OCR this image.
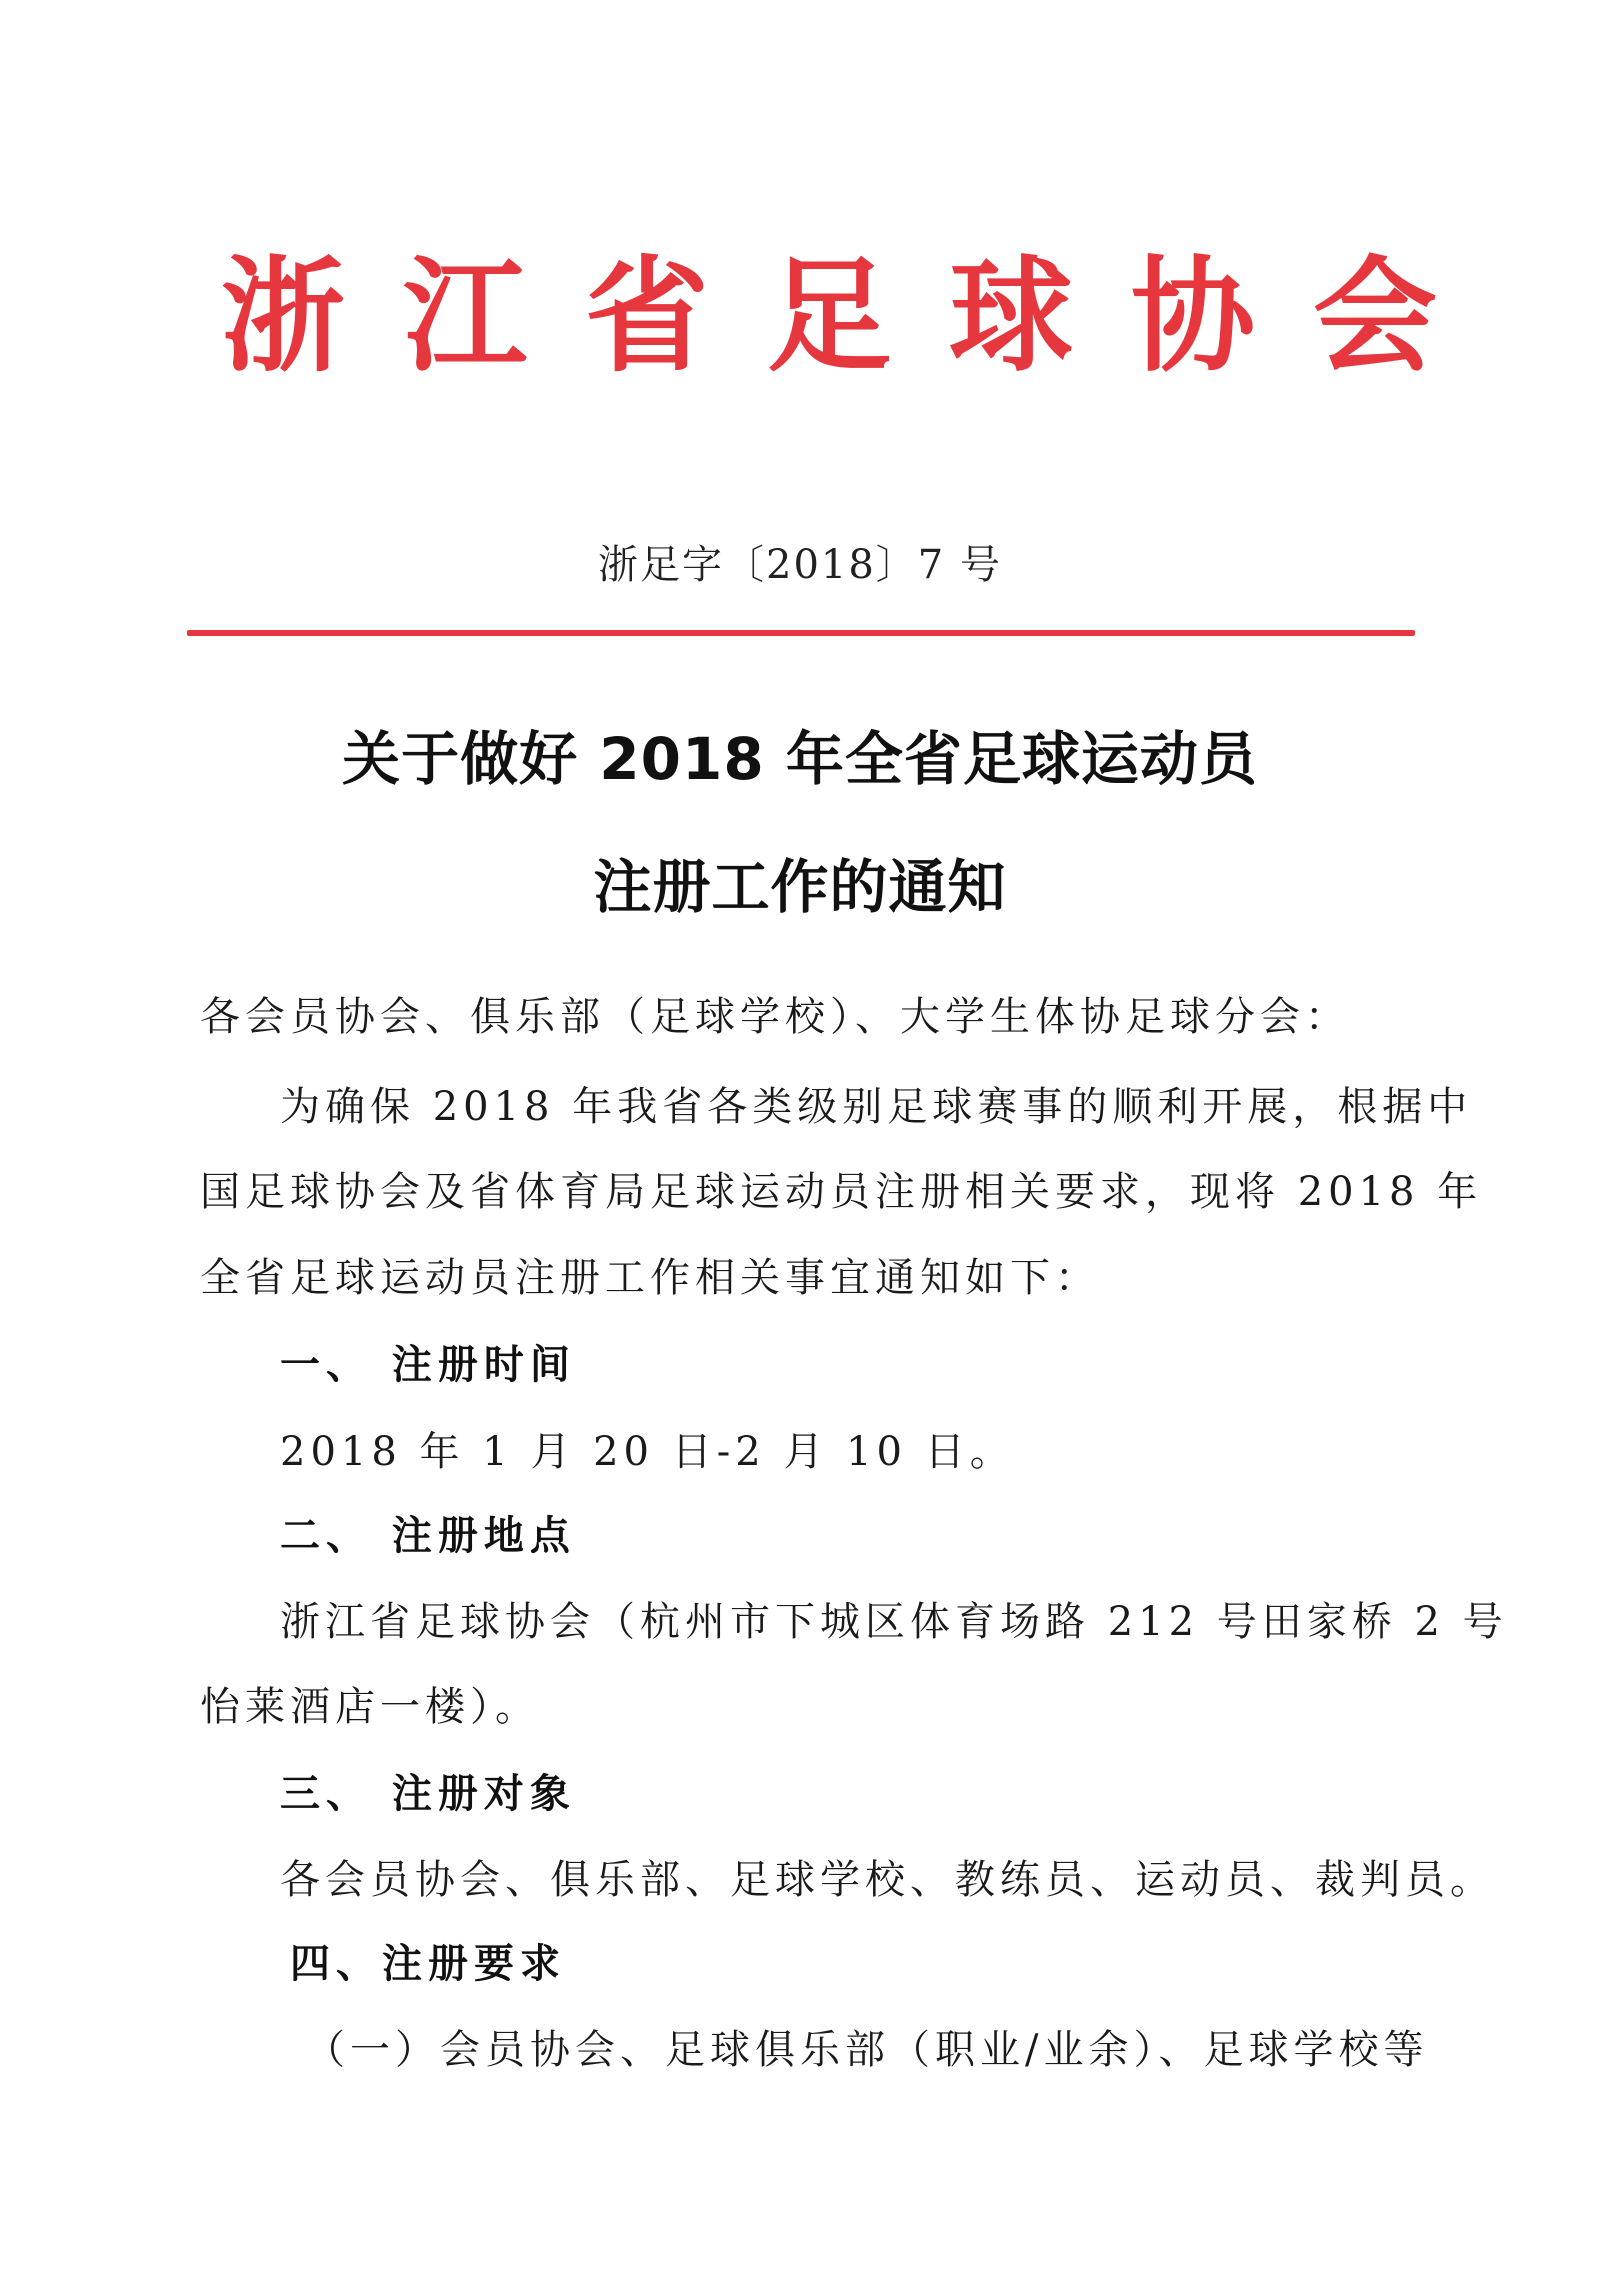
浙江省足球协会
浙足字〔2018〕7 号
关于做好 2018 年全省足球运动员
注册工作的通知
各会员协会、俱乐部（足球学校）、大学生体协足球分会：
为确保 2018 年我省各类级别足球赛事的顺利开展，根据中
国足球协会及省体育局足球运动员注册相关要求，现将 2018 年
全省足球运动员注册工作相关事宜通知如下：
一、 注册时间
2018 年 1 月 20 日-2 月 10 日。
二、 注册地点
浙江省足球协会（杭州市下城区体育场路 212 号田家桥 2 号
怡莱酒店一楼）。
三、 注册对象
各会员协会、俱乐部、足球学校、教练员、运动员、裁判员。
四、注册要求
（一）会员协会、足球俱乐部（职业/业余）、足球学校等
